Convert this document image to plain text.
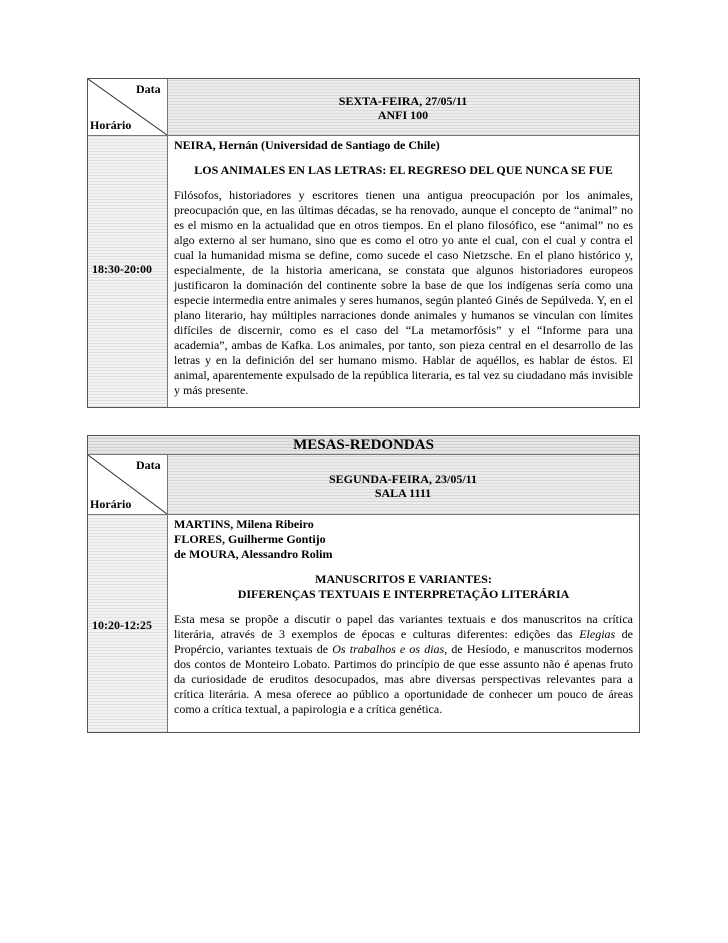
Data
Horário
SEXTA-FEIRA, 27/05/11
ANFI 100
18:30-20:00
NEIRA, Hernán (Universidad de Santiago de Chile)
LOS ANIMALES EN LAS LETRAS: EL REGRESO DEL QUE NUNCA SE FUE
Filósofos, historiadores y escritores tienen una antigua preocupación por los animales, preocupación que, en las últimas décadas, se ha renovado, aunque el concepto de “animal” no es el mismo en la actualidad que en otros tiempos. En el plano filosófico, ese “animal” no es algo externo al ser humano, sino que es como el otro yo ante el cual, con el cual y contra el cual la humanidad misma se define, como sucede el caso Nietzsche. En el plano histórico y, especialmente, de la historia americana, se constata que algunos historiadores europeos justificaron la dominación del continente sobre la base de que los indígenas sería como una especie intermedia entre animales y seres humanos, según planteó Ginés de Sepúlveda. Y, en el plano literario, hay múltiples narraciones donde animales y humanos se vinculan con límites difíciles de discernir, como es el caso del “La metamorfósis” y el “Informe para una academia”, ambas de Kafka. Los animales, por tanto, son pieza central en el desarrollo de las letras y en la definición del ser humano mismo. Hablar de aquéllos, es hablar de éstos. El animal, aparentemente expulsado de la república literaria, es tal vez su ciudadano más invisible y más presente.
MESAS-REDONDAS
Data
Horário
SEGUNDA-FEIRA, 23/05/11
SALA 1111
10:20-12:25
MARTINS, Milena Ribeiro
FLORES, Guilherme Gontijo
de MOURA, Alessandro Rolim
MANUSCRITOS E VARIANTES:
DIFERENÇAS TEXTUAIS E INTERPRETAÇÃO LITERÁRIA
Esta mesa se propõe a discutir o papel das variantes textuais e dos manuscritos na crítica literária, através de 3 exemplos de épocas e culturas diferentes: edições das Elegias de Propércio, variantes textuais de Os trabalhos e os dias, de Hesíodo, e manuscritos modernos dos contos de Monteiro Lobato. Partimos do princípio de que esse assunto não é apenas fruto da curiosidade de eruditos desocupados, mas abre diversas perspectivas relevantes para a crítica literária. A mesa oferece ao público a oportunidade de conhecer um pouco de áreas como a crítica textual, a papirologia e a crítica genética.
